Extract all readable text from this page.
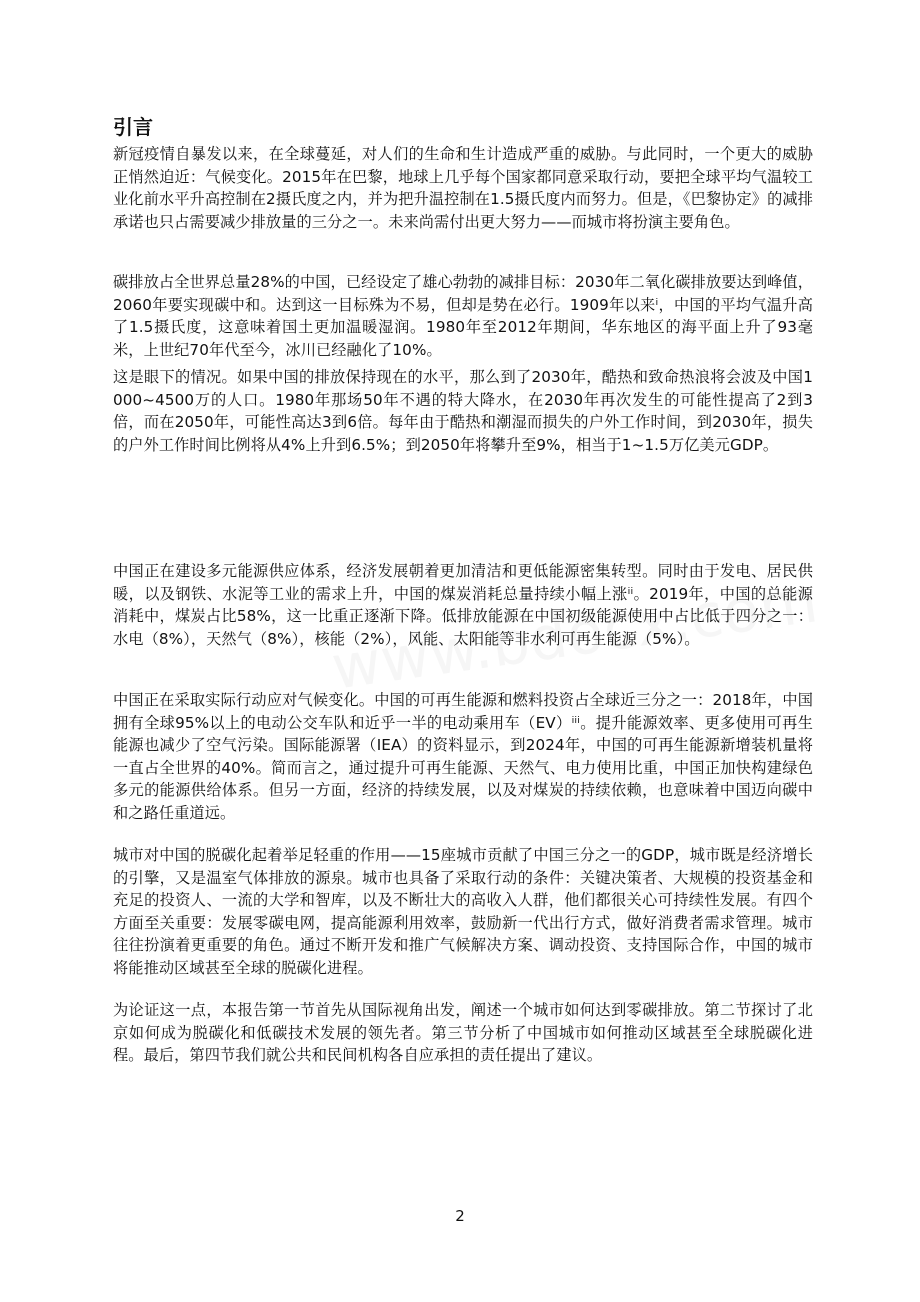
引言

新冠疫情自暴发以来，在全球蔓延，对人们的生命和生计造成严重的威胁。与此同时，一个更大的威胁正悄然迫近：气候变化。2015年在巴黎，地球上几乎每个国家都同意采取行动，要把全球平均气温较工业化前水平升高控制在2摄氏度之内，并为把升温控制在1.5摄氏度内而努力。但是，《巴黎协定》的减排承诺也只占需要减少排放量的三分之一。未来尚需付出更大努力——而城市将扮演主要角色。

碳排放占全世界总量28%的中国，已经设定了雄心勃勃的减排目标：2030年二氧化碳排放要达到峰值，2060年要实现碳中和。达到这一目标殊为不易，但却是势在必行。1909年以来ⁱ，中国的平均气温升高了1.5摄氏度，这意味着国土更加温暖湿润。1980年至2012年期间，华东地区的海平面上升了93毫米，上世纪70年代至今，冰川已经融化了10%。

这是眼下的情况。如果中国的排放保持现在的水平，那么到了2030年，酷热和致命热浪将会波及中国1000~4500万的人口。1980年那场50年不遇的特大降水，在2030年再次发生的可能性提高了2到3倍，而在2050年，可能性高达3到6倍。每年由于酷热和潮湿而损失的户外工作时间，到2030年，损失的户外工作时间比例将从4%上升到6.5%；到2050年将攀升至9%，相当于1~1.5万亿美元GDP。

中国正在建设多元能源供应体系，经济发展朝着更加清洁和更低能源密集转型。同时由于发电、居民供暖，以及钢铁、水泥等工业的需求上升，中国的煤炭消耗总量持续小幅上涨ⁱⁱ。2019年，中国的总能源消耗中，煤炭占比58%，这一比重正逐渐下降。低排放能源在中国初级能源使用中占比低于四分之一：水电（8%），天然气（8%），核能（2%），风能、太阳能等非水利可再生能源（5%）。

中国正在采取实际行动应对气候变化。中国的可再生能源和燃料投资占全球近三分之一：2018年，中国拥有全球95%以上的电动公交车队和近乎一半的电动乘用车（EV）ⁱⁱⁱ。提升能源效率、更多使用可再生能源也减少了空气污染。国际能源署（IEA）的资料显示，到2024年，中国的可再生能源新增装机量将一直占全世界的40%。简而言之，通过提升可再生能源、天然气、电力使用比重，中国正加快构建绿色多元的能源供给体系。但另一方面，经济的持续发展，以及对煤炭的持续依赖，也意味着中国迈向碳中和之路任重道远。

城市对中国的脱碳化起着举足轻重的作用——15座城市贡献了中国三分之一的GDP，城市既是经济增长的引擎，又是温室气体排放的源泉。城市也具备了采取行动的条件：关键决策者、大规模的投资基金和充足的投资人、一流的大学和智库，以及不断壮大的高收入人群，他们都很关心可持续性发展。有四个方面至关重要：发展零碳电网，提高能源利用效率，鼓励新一代出行方式，做好消费者需求管理。城市往往扮演着更重要的角色。通过不断开发和推广气候解决方案、调动投资、支持国际合作，中国的城市将能推动区域甚至全球的脱碳化进程。

为论证这一点，本报告第一节首先从国际视角出发，阐述一个城市如何达到零碳排放。第二节探讨了北京如何成为脱碳化和低碳技术发展的领先者。第三节分析了中国城市如何推动区域甚至全球脱碳化进程。最后，第四节我们就公共和民间机构各自应承担的责任提出了建议。

2
